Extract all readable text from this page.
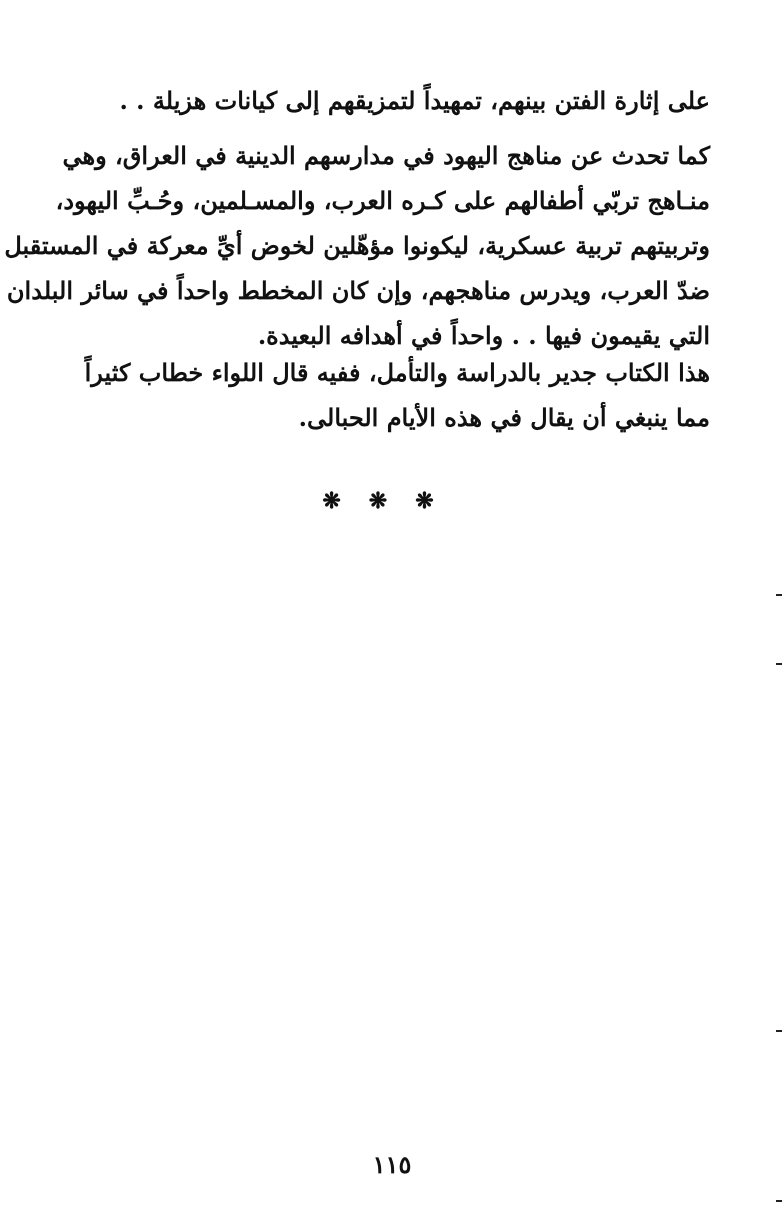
على إثارة الفتن بينهم، تمهيداً لتمزيقهم إلى كيانات هزيلة . .
كما تحدث عن مناهج اليهود في مدارسهم الدينية في العراق، وهي
منـاهج تربّي أطفالهم على كـره العرب، والمسـلمين، وحُـبِّ اليهود،
وتربيتهم تربية عسكرية، ليكونوا مؤهّلين لخوض أيِّ معركة في المستقبل
ضدّ العرب، ويدرس مناهجهم، وإن كان المخطط واحداً في سائر البلدان
التي يقيمون فيها . . واحداً في أهدافه البعيدة.
هذا الكتاب جدير بالدراسة والتأمل، ففيه قال اللواء خطاب كثيراً
مما ينبغي أن يقال في هذه الأيام الحبالى.
❋❋❋
١١٥
